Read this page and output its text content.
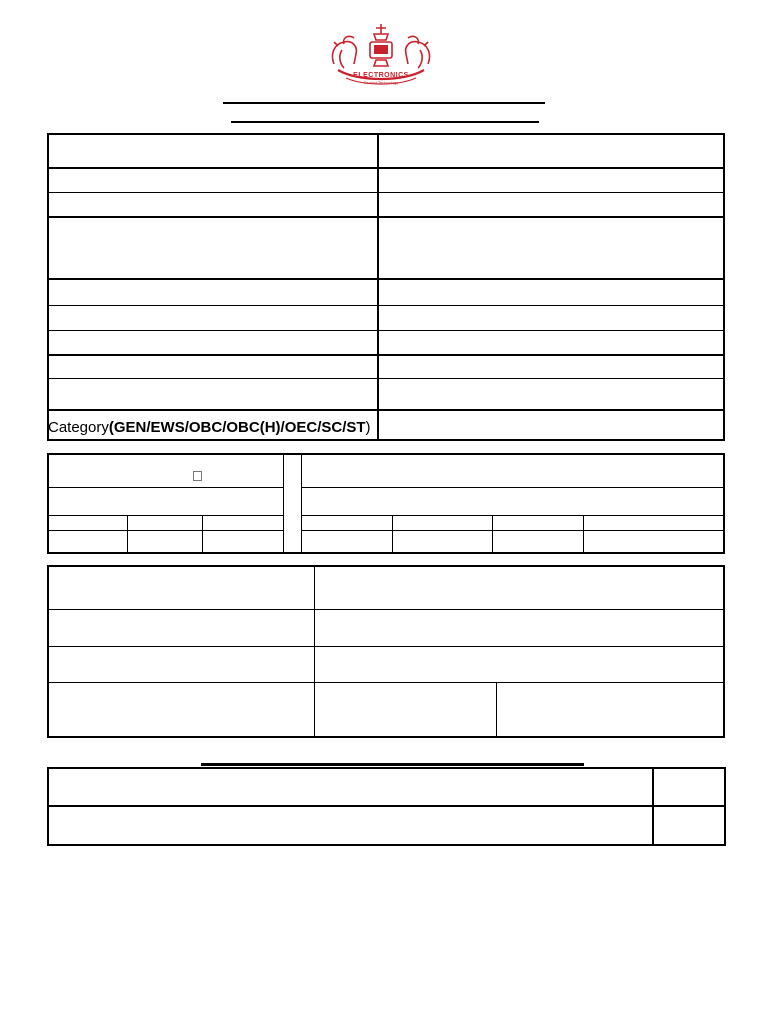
ELECTRONICS
Trusted Technology
Category (GEN/EWS/OBC/OBC(H)/OEC/SC/ST )
